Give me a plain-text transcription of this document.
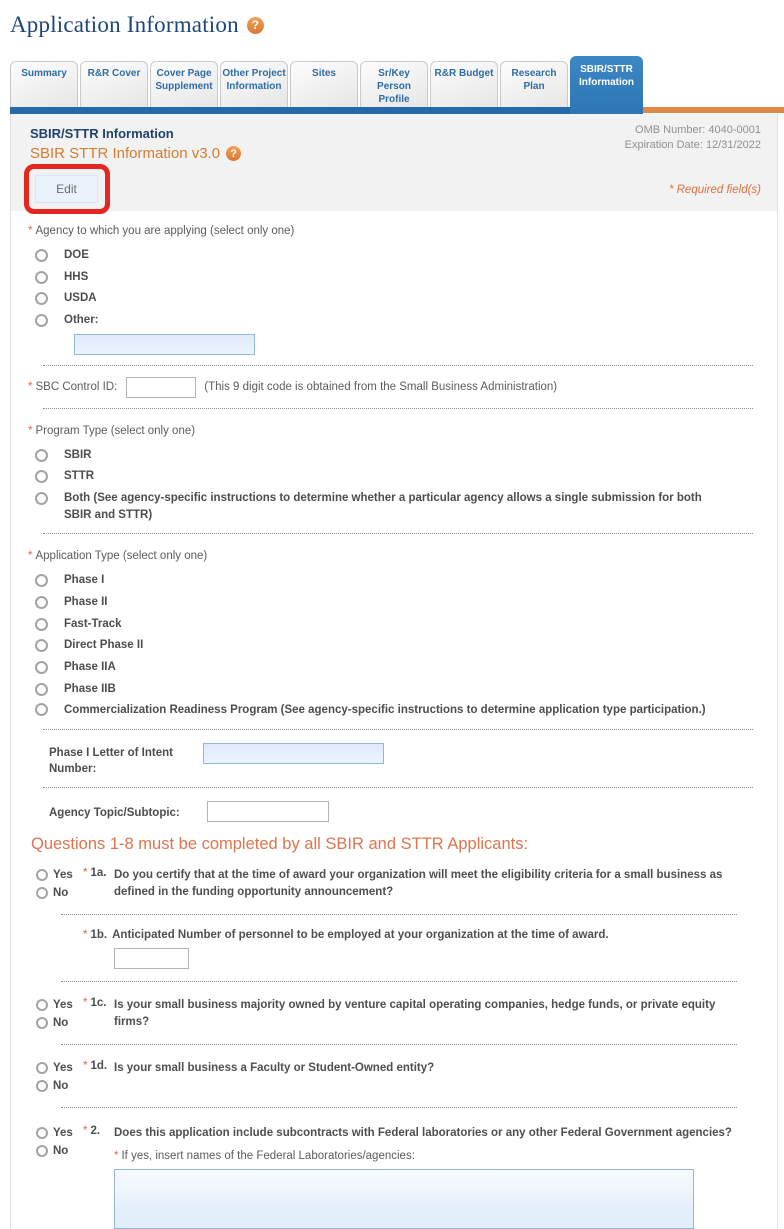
Application Information	?
Summary	R&R Cover	Cover Page Supplement
Other Project Information
Sites	Sr/Key Person Profile
R&R Budget	Research Plan
SBIR/STTR Information
SBIR/STTR Information
SBIR STTR Information v3.0 ?
OMB Number: 4040-0001
Expiration Date: 12/31/2022
Edit	* Required field(s)
* Agency to which you are applying (select only one)
DOE
HHS
USDA
Other:
* SBC Control ID:	(This 9 digit code is obtained from the Small Business Administration)
* Program Type (select only one)
SBIR
STTR
Both (See agency-specific instructions to determine whether a particular agency allows a single submission for both SBIR and STTR)
* Application Type (select only one)
Phase I
Phase II
Fast-Track
Direct Phase II
Phase IIA
Phase IIB
Commercialization Readiness Program (See agency-specific instructions to determine application type participation.)
Phase I Letter of Intent Number:
Agency Topic/Subtopic:
Questions 1-8 must be completed by all SBIR and STTR Applicants:
Yes
No
* 1a. Do you certify that at the time of award your organization will meet the eligibility criteria for a small business as defined in the funding opportunity announcement?
* 1b. Anticipated Number of personnel to be employed at your organization at the time of award.
Yes
No
* 1c. Is your small business majority owned by venture capital operating companies, hedge funds, or private equity firms?
Yes
No
* 1d. Is your small business a Faculty or Student-Owned entity?
Yes
No
* 2.	Does this application include subcontracts with Federal laboratories or any other Federal Government agencies?
* If yes, insert names of the Federal Laboratories/agencies:
